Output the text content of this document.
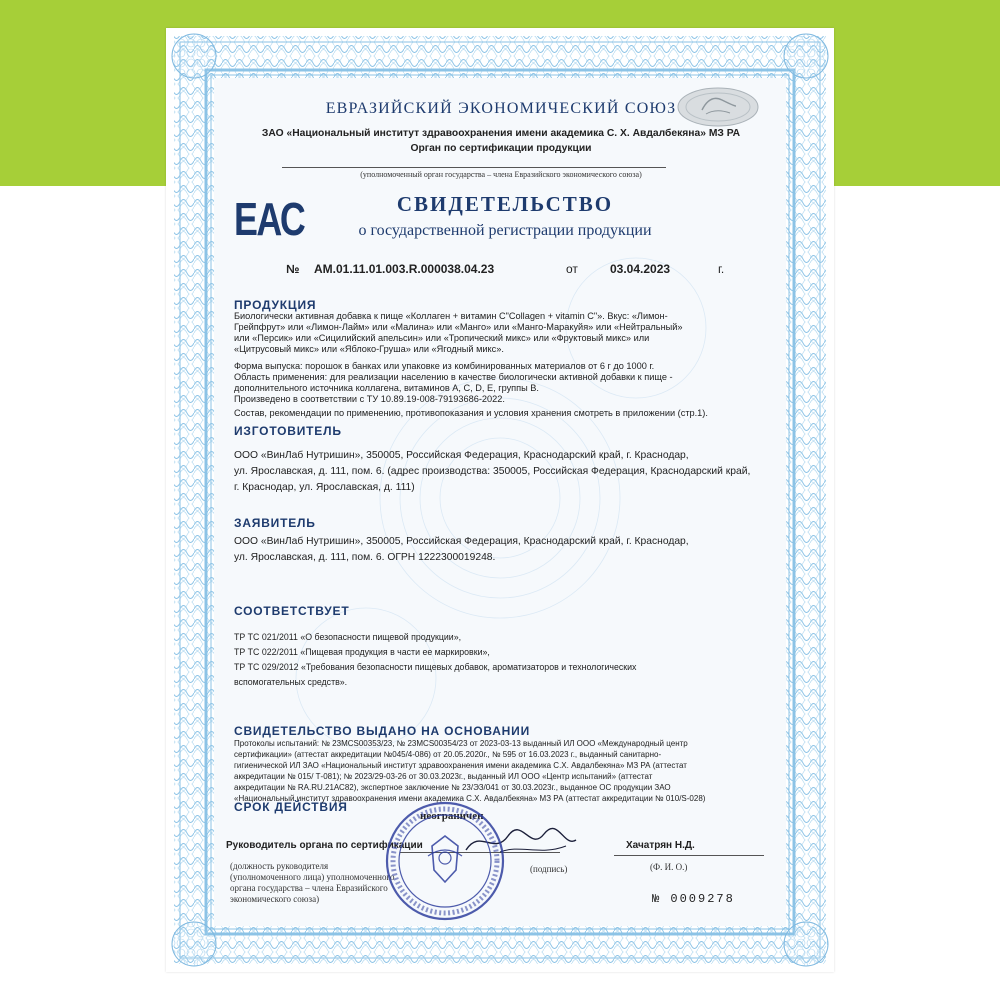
ЕВРАЗИЙСКИЙ ЭКОНОМИЧЕСКИЙ СОЮЗ
ЗАО «Национальный институт здравоохранения имени академика С. Х. Авдалбекяна» МЗ РА
Орган по сертификации продукции
(уполномоченный орган государства – члена Евразийского экономического союза)
ЕАС	СВИДЕТЕЛЬСТВО
о государственной регистрации продукции
№ AM.01.11.01.003.R.000038.04.23	от	03.04.2023	г.
ПРОДУКЦИЯ
Биологически активная добавка к пище «Коллаген + витамин С"Collagen + vitamin C"». Вкус: «Лимон-
Грейпфрут» или «Лимон-Лайм» или «Малина» или «Манго» или «Манго-Маракуйя» или «Нейтральный»
или «Персик» или «Сицилийский апельсин» или «Тропический микс» или «Фруктовый микс» или
«Цитрусовый микс» или «Яблоко-Груша» или «Ягодный микс».
Форма выпуска: порошок в банках или упаковке из комбинированных материалов от 6 г до 1000 г.
Область применения: для реализации населению в качестве биологически активной добавки к пище -
дополнительного источника коллагена, витаминов А, С, D, Е, группы В.
Произведено в соответствии с ТУ 10.89.19-008-79193686-2022.
Состав, рекомендации по применению, противопоказания и условия хранения смотреть в приложении (стр.1).
ИЗГОТОВИТЕЛЬ
ООО «ВинЛаб Нутришин», 350005, Российская Федерация, Краснодарский край, г. Краснодар,
ул. Ярославская, д. 111, пом. 6. (адрес производства: 350005, Российская Федерация, Краснодарский край,
г. Краснодар, ул. Ярославская, д. 111)
ЗАЯВИТЕЛЬ
ООО «ВинЛаб Нутришин», 350005, Российская Федерация, Краснодарский край, г. Краснодар,
ул. Ярославская, д. 111, пом. 6. ОГРН 1222300019248.
СООТВЕТСТВУЕТ
ТР ТС 021/2011 «О безопасности пищевой продукции»,
ТР ТС 022/2011 «Пищевая продукция в части ее маркировки»,
ТР ТС 029/2012 «Требования безопасности пищевых добавок, ароматизаторов и технологических
вспомогательных средств».
СВИДЕТЕЛЬСТВО ВЫДАНО НА ОСНОВАНИИ
Протоколы испытаний: № 23MCS00353/23, № 23MCS00354/23 от 2023-03-13 выданный ИЛ ООО «Международный центр
сертификации» (аттестат аккредитации №045/4-086) от 20.05.2020г., № 595 от 16.03.2023 г., выданный санитарно-
гигиенической ИЛ ЗАО «Национальный институт здравоохранения имени академика С.Х. Авдалбекяна» МЗ РА (аттестат
аккредитации № 015/ Т-081); № 2023/29-03-26 от 30.03.2023г., выданный ИЛ ООО «Центр испытаний» (аттестат
аккредитации № RA.RU.21АС82), экспертное заключение № 23/ЭЗ/041 от 30.03.2023г., выданное ОС продукции ЗАО
«Национальный институт здравоохранения имени академика С.Х. Авдалбекяна» МЗ РА (аттестат аккредитации № 010/S-028)
СРОК ДЕЙСТВИЯ
неограничен
Руководитель органа по сертификации
(подпись)
Хачатрян Н.Д.
(Ф. И. О.)
(должность руководителя
(уполномоченного лица) уполномоченного
органа государства – члена Евразийского
экономического союза)	№ 0009278
